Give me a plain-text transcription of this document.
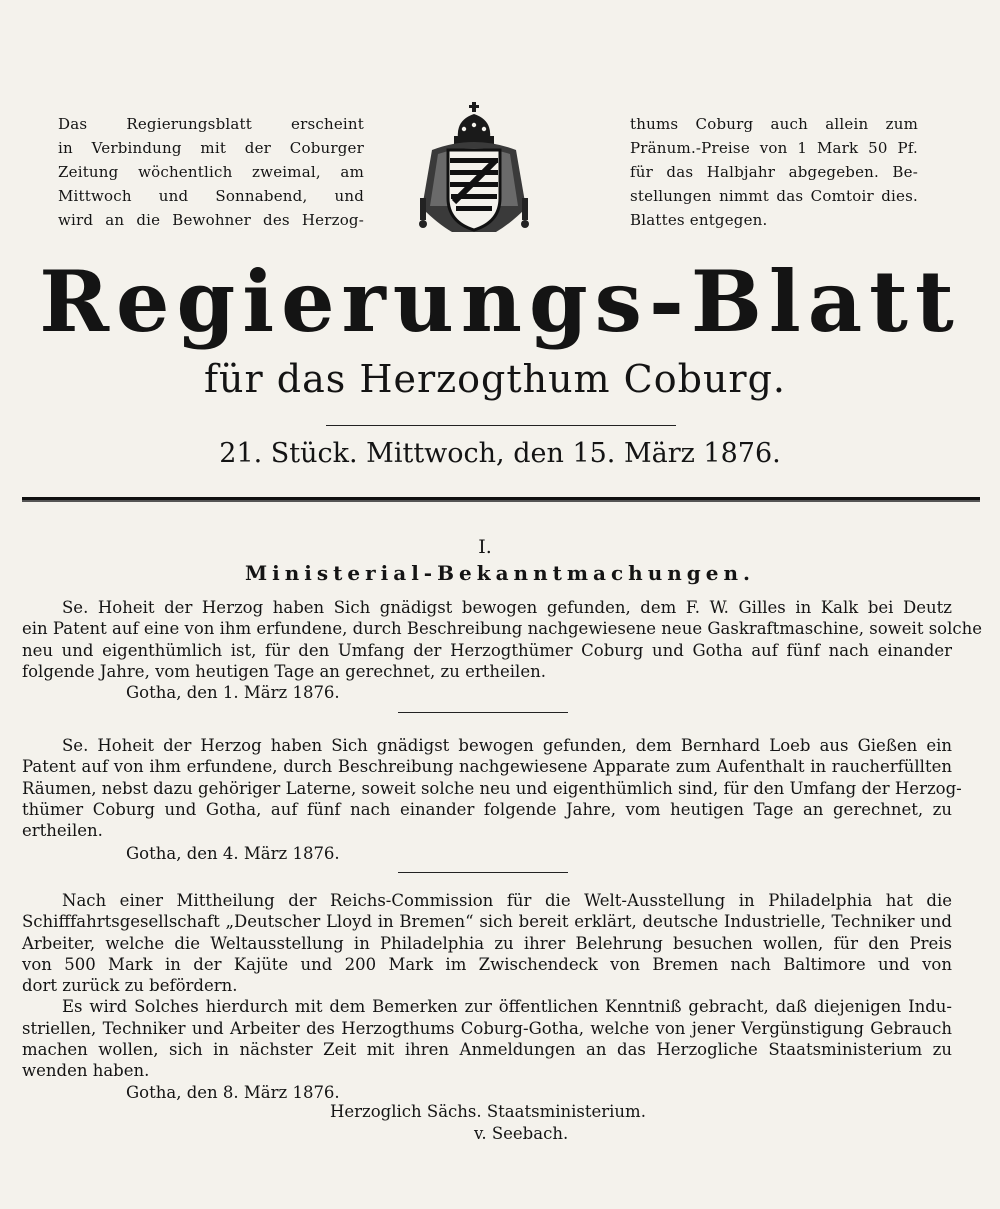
Das Regierungsblatt erscheint
in Verbindung mit der Coburger
Zeitung wöchentlich zweimal, am
Mittwoch und Sonnabend, und
wird an die Bewohner des Herzog-
thums Coburg auch allein zum
Pränum.-Preise von 1 Mark 50 Pf.
für das Halbjahr abgegeben. Be-
stellungen nimmt das Comtoir dies.
Blattes entgegen.
Regierungs-Blatt
für das Herzogthum Coburg.
21. Stück. Mittwoch, den 15. März 1876.
I.
Ministerial-Bekanntmachungen.
Se. Hoheit der Herzog haben Sich gnädigst bewogen gefunden, dem F. W. Gilles in Kalk bei Deutz
ein Patent auf eine von ihm erfundene, durch Beschreibung nachgewiesene neue Gaskraftmaschine, soweit solche
neu und eigenthümlich ist, für den Umfang der Herzogthümer Coburg und Gotha auf fünf nach einander
folgende Jahre, vom heutigen Tage an gerechnet, zu ertheilen.
Gotha, den 1. März 1876.
Se. Hoheit der Herzog haben Sich gnädigst bewogen gefunden, dem Bernhard Loeb aus Gießen ein
Patent auf von ihm erfundene, durch Beschreibung nachgewiesene Apparate zum Aufenthalt in raucherfüllten
Räumen, nebst dazu gehöriger Laterne, soweit solche neu und eigenthümlich sind, für den Umfang der Herzog-
thümer Coburg und Gotha, auf fünf nach einander folgende Jahre, vom heutigen Tage an gerechnet, zu
ertheilen.
Gotha, den 4. März 1876.
Nach einer Mittheilung der Reichs-Commission für die Welt-Ausstellung in Philadelphia hat die
Schifffahrtsgesellschaft „Deutscher Lloyd in Bremen“ sich bereit erklärt, deutsche Industrielle, Techniker und
Arbeiter, welche die Weltausstellung in Philadelphia zu ihrer Belehrung besuchen wollen, für den Preis
von 500 Mark in der Kajüte und 200 Mark im Zwischendeck von Bremen nach Baltimore und von
dort zurück zu befördern.
Es wird Solches hierdurch mit dem Bemerken zur öffentlichen Kenntniß gebracht, daß diejenigen Indu-
striellen, Techniker und Arbeiter des Herzogthums Coburg-Gotha, welche von jener Vergünstigung Gebrauch
machen wollen, sich in nächster Zeit mit ihren Anmeldungen an das Herzogliche Staatsministerium zu
wenden haben.
Gotha, den 8. März 1876.
Herzoglich Sächs. Staatsministerium.
v. Seebach.
